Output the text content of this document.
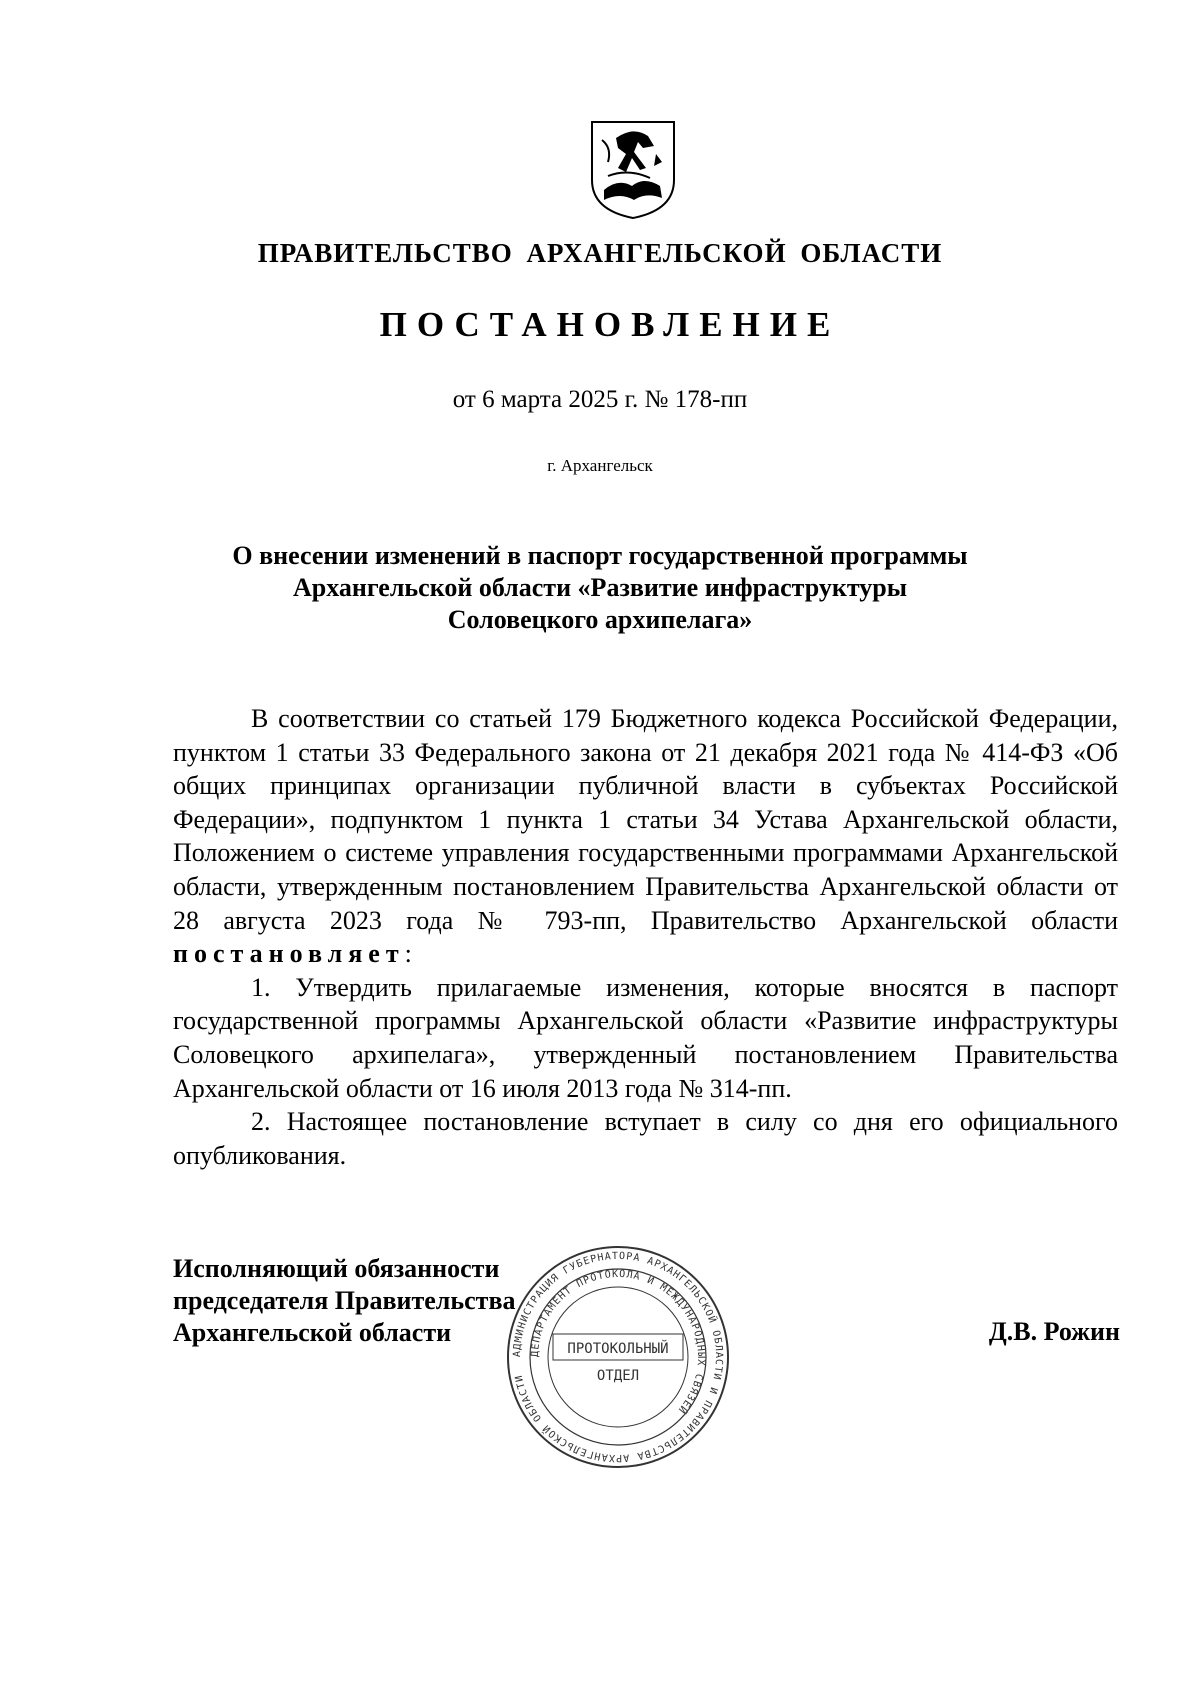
ПРАВИТЕЛЬСТВО АРХАНГЕЛЬСКОЙ ОБЛАСТИ
ПОСТАНОВЛЕНИЕ
от 6 марта 2025 г. № 178-пп
г. Архангельск
О внесении изменений в паспорт государственной программы
Архангельской области «Развитие инфраструктуры
Соловецкого архипелага»

В соответствии со статьей 179 Бюджетного кодекса Российской Федерации, пунктом 1 статьи 33 Федерального закона от 21 декабря 2021 года № 414-ФЗ «Об общих принципах организации публичной власти в субъектах Российской Федерации», подпунктом 1 пункта 1 статьи 34 Устава Архангельской области, Положением о системе управления государственными программами Архангельской области, утвержденным постановлением Правительства Архангельской области от 28 августа 2023 года № 793-пп, Правительство Архангельской области постановляет:

1. Утвердить прилагаемые изменения, которые вносятся в паспорт государственной программы Архангельской области «Развитие инфраструктуры Соловецкого архипелага», утвержденный постановлением Правительства Архангельской области от 16 июля 2013 года № 314-пп.

2. Настоящее постановление вступает в силу со дня его официального опубликования.

Исполняющий обязанности
председателя Правительства
Архангельской области
АДМИНИСТРАЦИЯ ГУБЕРНАТОРА АРХАНГЕЛЬСКОЙ ОБЛАСТИ И ПРАВИТЕЛЬСТВА АРХАНГЕЛЬСКОЙ ОБЛАСТИ
ДЕПАРТАМЕНТ ПРОТОКОЛА И МЕЖДУНАРОДНЫХ СВЯЗЕЙ
ПРОТОКОЛЬНЫЙ
ОТДЕЛ
Д.В. Рожин
